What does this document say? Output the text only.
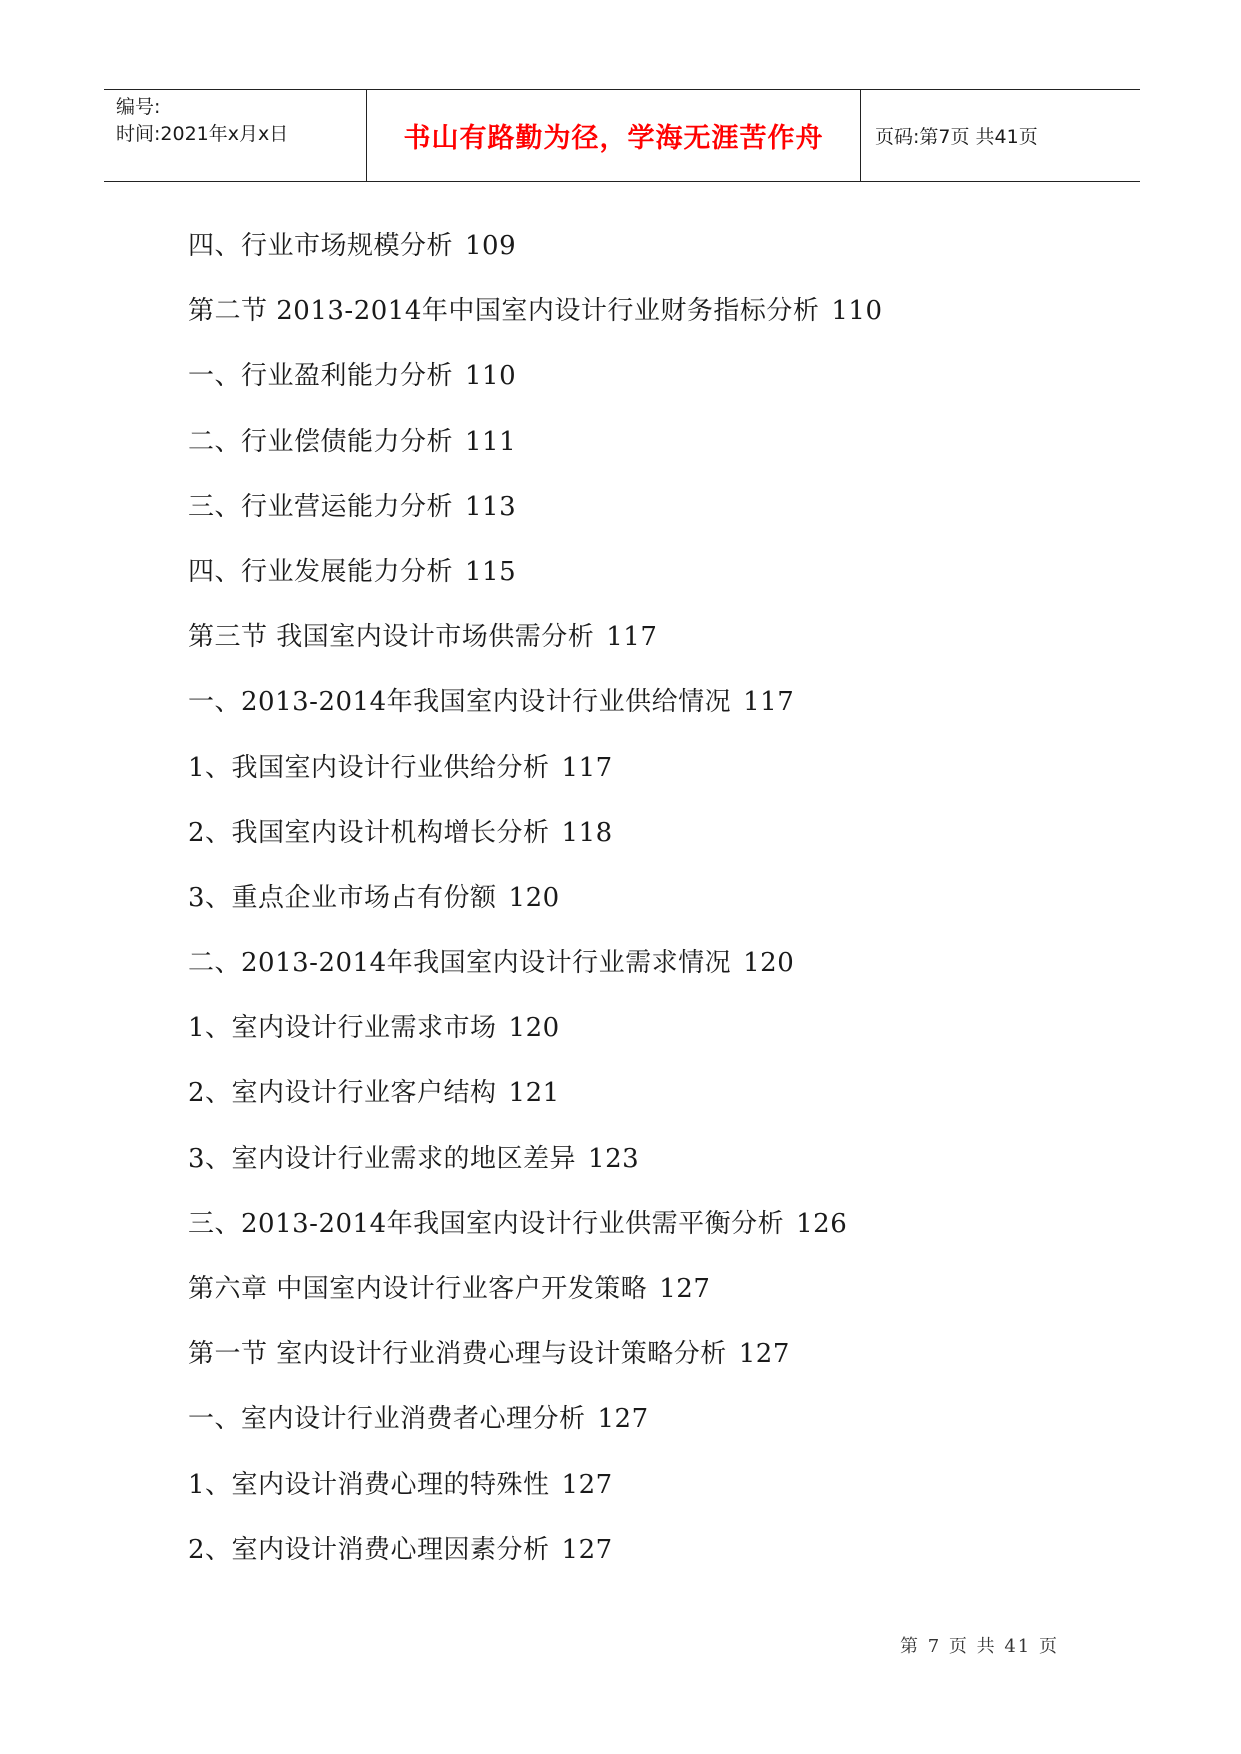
编号:
时间:2021年x月x日	书山有路勤为径，学海无涯苦作舟	页码:第7页 共41页
四、行业市场规模分析 109
第二节 2013-2014年中国室内设计行业财务指标分析 110
一、行业盈利能力分析 110
二、行业偿债能力分析 111
三、行业营运能力分析 113
四、行业发展能力分析 115
第三节 我国室内设计市场供需分析 117
一、2013-2014年我国室内设计行业供给情况 117
1、我国室内设计行业供给分析 117
2、我国室内设计机构增长分析 118
3、重点企业市场占有份额 120
二、2013-2014年我国室内设计行业需求情况 120
1、室内设计行业需求市场 120
2、室内设计行业客户结构 121
3、室内设计行业需求的地区差异 123
三、2013-2014年我国室内设计行业供需平衡分析 126
第六章 中国室内设计行业客户开发策略 127
第一节 室内设计行业消费心理与设计策略分析 127
一、室内设计行业消费者心理分析 127
1、室内设计消费心理的特殊性 127
2、室内设计消费心理因素分析 127
第 7 页 共 41 页
